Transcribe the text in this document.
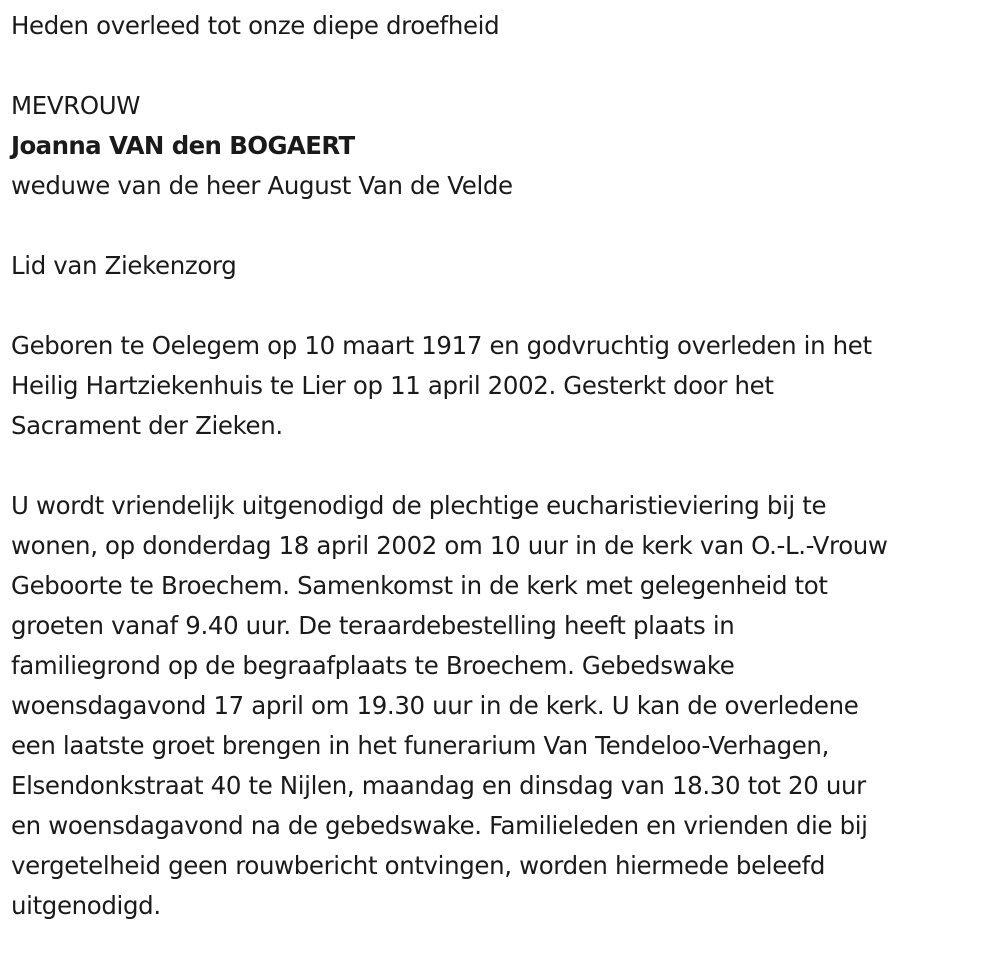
Heden overleed tot onze diepe droefheid
MEVROUW
Joanna VAN den BOGAERT
weduwe van de heer August Van de Velde
Lid van Ziekenzorg
Geboren te Oelegem op 10 maart 1917 en godvruchtig overleden in het
Heilig Hartziekenhuis te Lier op 11 april 2002. Gesterkt door het
Sacrament der Zieken.
U wordt vriendelijk uitgenodigd de plechtige eucharistieviering bij te
wonen, op donderdag 18 april 2002 om 10 uur in de kerk van O.-L.-Vrouw
Geboorte te Broechem. Samenkomst in de kerk met gelegenheid tot
groeten vanaf 9.40 uur. De teraardebestelling heeft plaats in
familiegrond op de begraafplaats te Broechem. Gebedswake
woensdagavond 17 april om 19.30 uur in de kerk. U kan de overledene
een laatste groet brengen in het funerarium Van Tendeloo-Verhagen,
Elsendonkstraat 40 te Nijlen, maandag en dinsdag van 18.30 tot 20 uur
en woensdagavond na de gebedswake. Familieleden en vrienden die bij
vergetelheid geen rouwbericht ontvingen, worden hiermede beleefd
uitgenodigd.
